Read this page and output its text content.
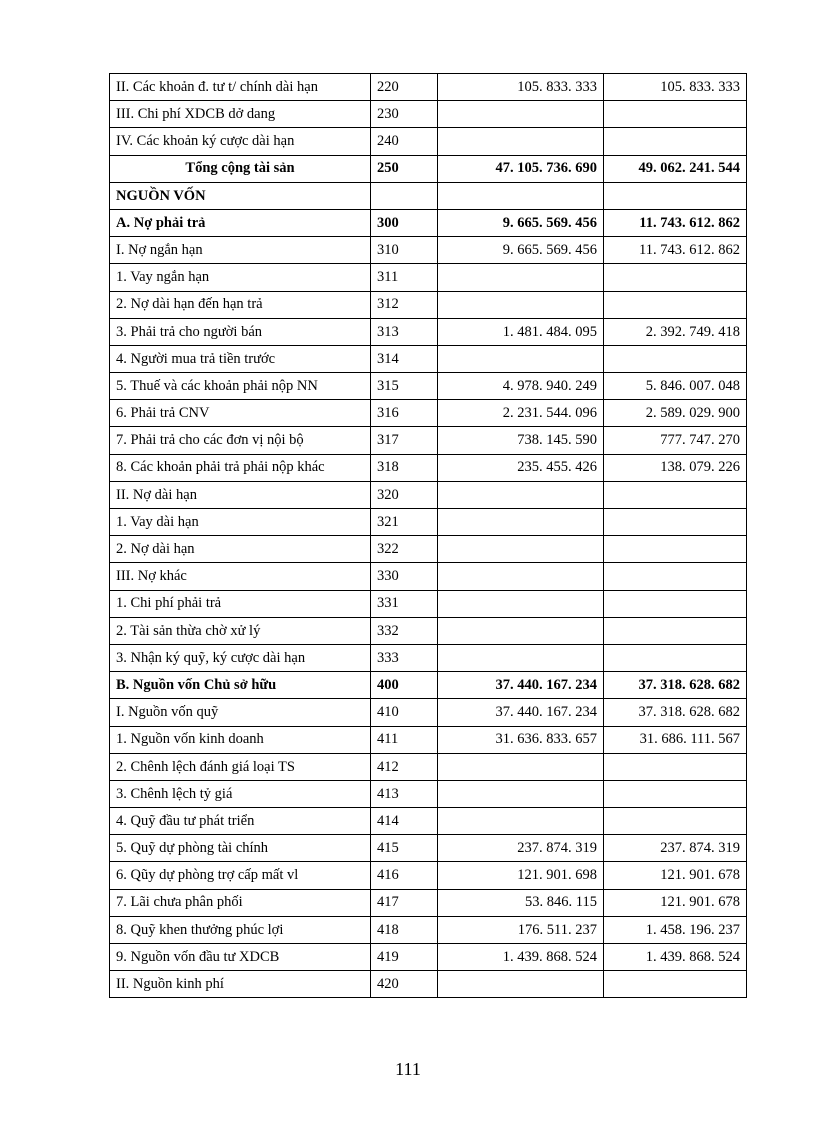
II. Các khoản đ. tư t/ chính dài hạn	220	105. 833. 333	105. 833. 333
III. Chi phí XDCB dở dang	230		
IV. Các khoản ký cược dài hạn	240		
Tổng cộng tài sản	250	47. 105. 736. 690	49. 062. 241. 544
NGUỒN VỐN			
A. Nợ phải trả	300	9. 665. 569. 456	11. 743. 612. 862
I. Nợ ngắn hạn	310	9. 665. 569. 456	11. 743. 612. 862
1. Vay ngắn hạn	311		
2. Nợ dài hạn đến hạn trả	312		
3. Phải trả cho người bán	313	1. 481. 484. 095	2. 392. 749. 418
4. Người mua trả tiền trước	314		
5. Thuế và các khoản phải nộp NN	315	4. 978. 940. 249	5. 846. 007. 048
6. Phải trả CNV	316	2. 231. 544. 096	2. 589. 029. 900
7. Phải trả cho các đơn vị nội bộ	317	738. 145. 590	777. 747. 270
8. Các khoản phải trả phải nộp khác	318	235. 455. 426	138. 079. 226
II. Nợ dài hạn	320		
1. Vay dài hạn	321		
2. Nợ dài hạn	322		
III. Nợ khác	330		
1. Chi phí phải trả	331		
2. Tài sản thừa chờ xử lý	332		
3. Nhận ký quỹ, ký cược dài hạn	333		
B. Nguồn vốn Chủ sở hữu	400	37. 440. 167. 234	37. 318. 628. 682
I. Nguồn vốn quỹ	410	37. 440. 167. 234	37. 318. 628. 682
1. Nguồn vốn kinh doanh	411	31. 636. 833. 657	31. 686. 111. 567
2. Chênh lệch đánh giá loại TS	412		
3. Chênh lệch tỷ giá	413		
4. Quỹ đầu tư phát triển	414		
5. Quỹ dự phòng tài chính	415	237. 874. 319	237. 874. 319
6. Qũy dự phòng trợ cấp mất vl	416	121. 901. 698	121. 901. 678
7. Lãi chưa phân phối	417	53. 846. 115	121. 901. 678
8. Quỹ khen thưởng phúc lợi	418	176. 511. 237	1. 458. 196. 237
9. Nguồn vốn đầu tư XDCB	419	1. 439. 868. 524	1. 439. 868. 524
II. Nguồn kinh phí	420		
111
